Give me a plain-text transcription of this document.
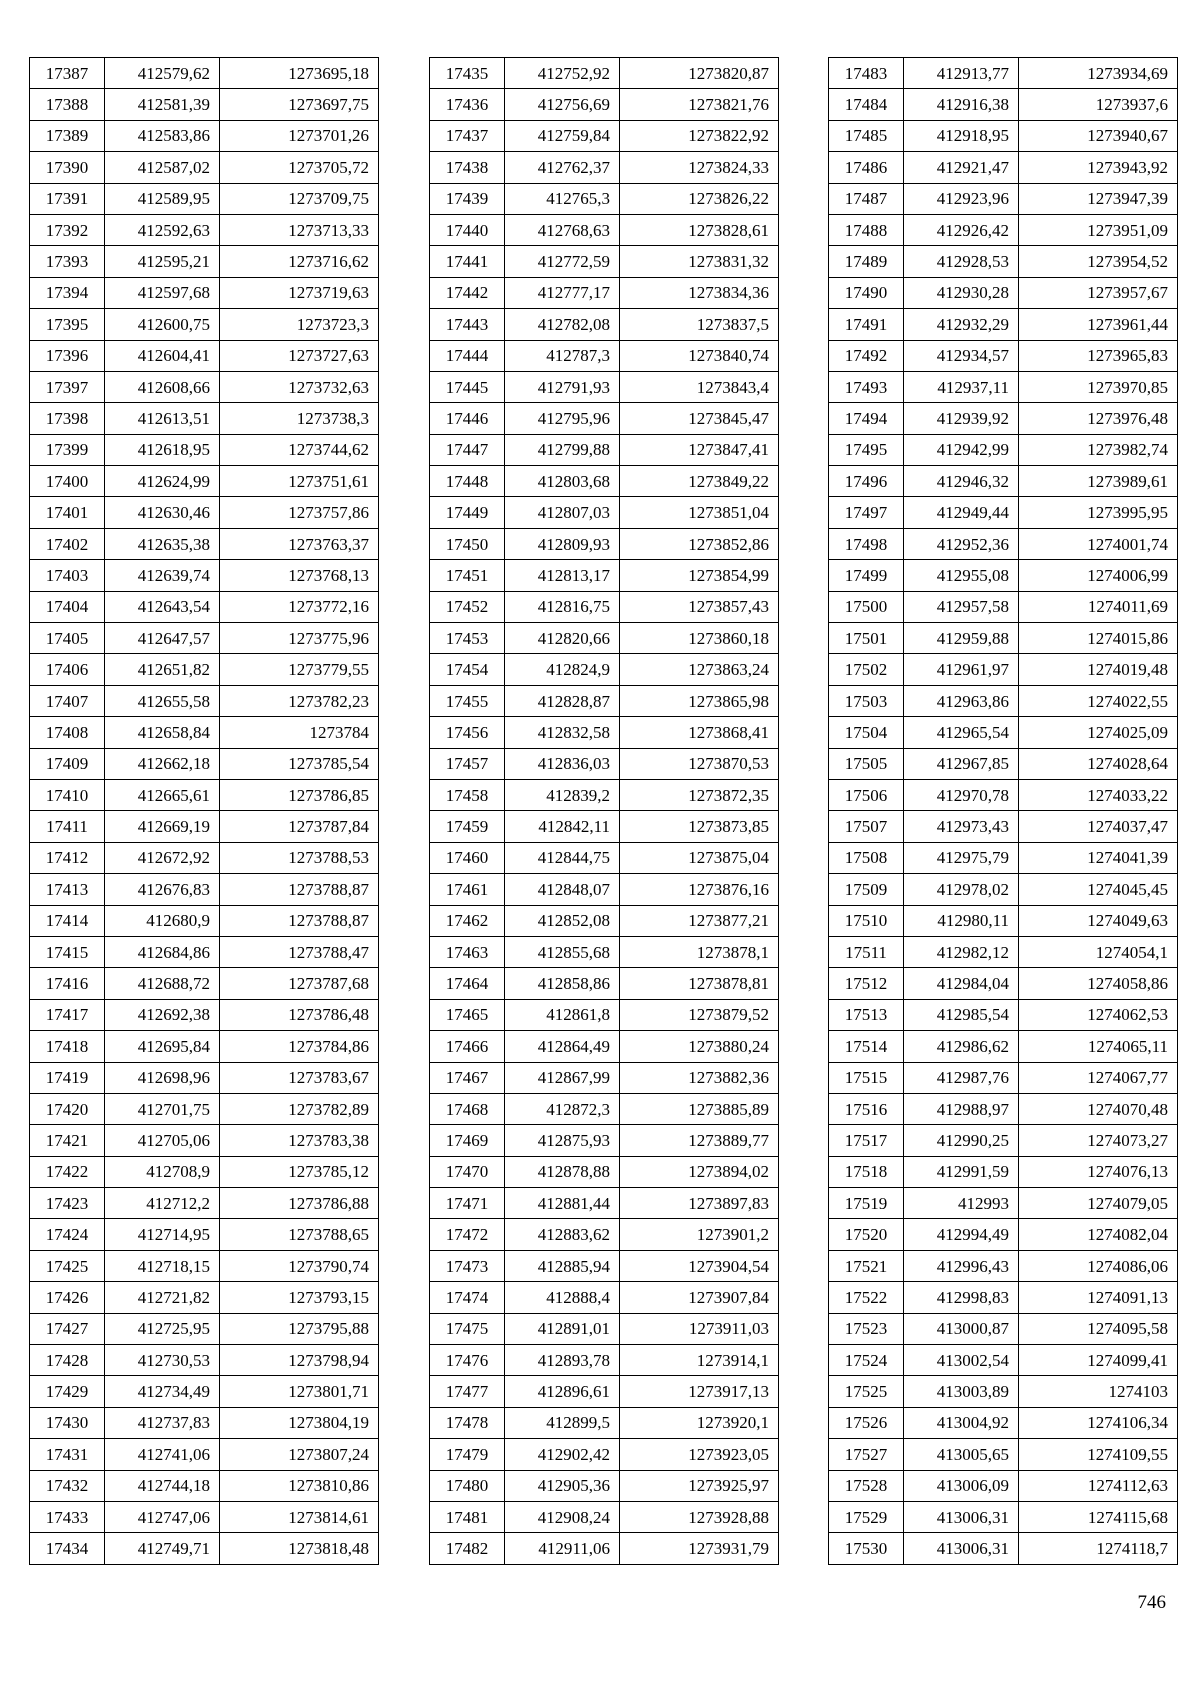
17387	412579,62	1273695,18
17388	412581,39	1273697,75
17389	412583,86	1273701,26
17390	412587,02	1273705,72
17391	412589,95	1273709,75
17392	412592,63	1273713,33
17393	412595,21	1273716,62
17394	412597,68	1273719,63
17395	412600,75	1273723,3
17396	412604,41	1273727,63
17397	412608,66	1273732,63
17398	412613,51	1273738,3
17399	412618,95	1273744,62
17400	412624,99	1273751,61
17401	412630,46	1273757,86
17402	412635,38	1273763,37
17403	412639,74	1273768,13
17404	412643,54	1273772,16
17405	412647,57	1273775,96
17406	412651,82	1273779,55
17407	412655,58	1273782,23
17408	412658,84	1273784
17409	412662,18	1273785,54
17410	412665,61	1273786,85
17411	412669,19	1273787,84
17412	412672,92	1273788,53
17413	412676,83	1273788,87
17414	412680,9	1273788,87
17415	412684,86	1273788,47
17416	412688,72	1273787,68
17417	412692,38	1273786,48
17418	412695,84	1273784,86
17419	412698,96	1273783,67
17420	412701,75	1273782,89
17421	412705,06	1273783,38
17422	412708,9	1273785,12
17423	412712,2	1273786,88
17424	412714,95	1273788,65
17425	412718,15	1273790,74
17426	412721,82	1273793,15
17427	412725,95	1273795,88
17428	412730,53	1273798,94
17429	412734,49	1273801,71
17430	412737,83	1273804,19
17431	412741,06	1273807,24
17432	412744,18	1273810,86
17433	412747,06	1273814,61
17434	412749,71	1273818,48
17435	412752,92	1273820,87
17436	412756,69	1273821,76
17437	412759,84	1273822,92
17438	412762,37	1273824,33
17439	412765,3	1273826,22
17440	412768,63	1273828,61
17441	412772,59	1273831,32
17442	412777,17	1273834,36
17443	412782,08	1273837,5
17444	412787,3	1273840,74
17445	412791,93	1273843,4
17446	412795,96	1273845,47
17447	412799,88	1273847,41
17448	412803,68	1273849,22
17449	412807,03	1273851,04
17450	412809,93	1273852,86
17451	412813,17	1273854,99
17452	412816,75	1273857,43
17453	412820,66	1273860,18
17454	412824,9	1273863,24
17455	412828,87	1273865,98
17456	412832,58	1273868,41
17457	412836,03	1273870,53
17458	412839,2	1273872,35
17459	412842,11	1273873,85
17460	412844,75	1273875,04
17461	412848,07	1273876,16
17462	412852,08	1273877,21
17463	412855,68	1273878,1
17464	412858,86	1273878,81
17465	412861,8	1273879,52
17466	412864,49	1273880,24
17467	412867,99	1273882,36
17468	412872,3	1273885,89
17469	412875,93	1273889,77
17470	412878,88	1273894,02
17471	412881,44	1273897,83
17472	412883,62	1273901,2
17473	412885,94	1273904,54
17474	412888,4	1273907,84
17475	412891,01	1273911,03
17476	412893,78	1273914,1
17477	412896,61	1273917,13
17478	412899,5	1273920,1
17479	412902,42	1273923,05
17480	412905,36	1273925,97
17481	412908,24	1273928,88
17482	412911,06	1273931,79
17483	412913,77	1273934,69
17484	412916,38	1273937,6
17485	412918,95	1273940,67
17486	412921,47	1273943,92
17487	412923,96	1273947,39
17488	412926,42	1273951,09
17489	412928,53	1273954,52
17490	412930,28	1273957,67
17491	412932,29	1273961,44
17492	412934,57	1273965,83
17493	412937,11	1273970,85
17494	412939,92	1273976,48
17495	412942,99	1273982,74
17496	412946,32	1273989,61
17497	412949,44	1273995,95
17498	412952,36	1274001,74
17499	412955,08	1274006,99
17500	412957,58	1274011,69
17501	412959,88	1274015,86
17502	412961,97	1274019,48
17503	412963,86	1274022,55
17504	412965,54	1274025,09
17505	412967,85	1274028,64
17506	412970,78	1274033,22
17507	412973,43	1274037,47
17508	412975,79	1274041,39
17509	412978,02	1274045,45
17510	412980,11	1274049,63
17511	412982,12	1274054,1
17512	412984,04	1274058,86
17513	412985,54	1274062,53
17514	412986,62	1274065,11
17515	412987,76	1274067,77
17516	412988,97	1274070,48
17517	412990,25	1274073,27
17518	412991,59	1274076,13
17519	412993	1274079,05
17520	412994,49	1274082,04
17521	412996,43	1274086,06
17522	412998,83	1274091,13
17523	413000,87	1274095,58
17524	413002,54	1274099,41
17525	413003,89	1274103
17526	413004,92	1274106,34
17527	413005,65	1274109,55
17528	413006,09	1274112,63
17529	413006,31	1274115,68
17530	413006,31	1274118,7
746
